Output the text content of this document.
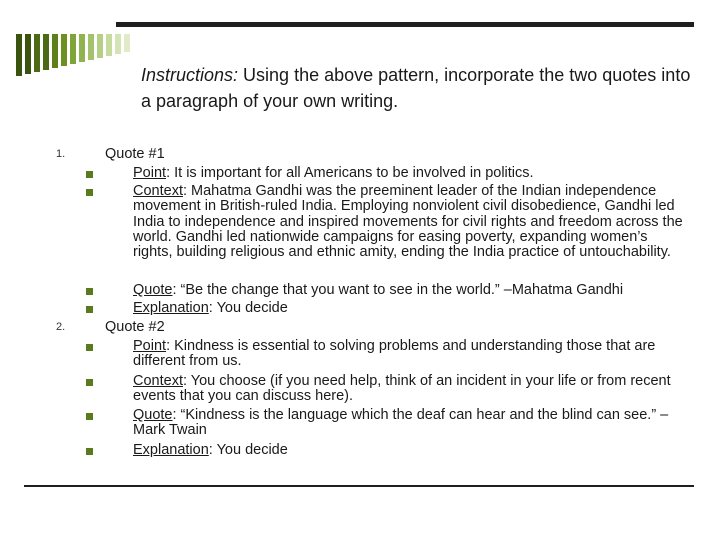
Instructions: Using the above pattern, incorporate the two quotes into a paragraph of your own writing.

1.	Quote #1

Point: It is important for all Americans to be involved in politics.

Context: Mahatma Gandhi was the preeminent leader of the Indian independence movement in British-ruled India. Employing nonviolent civil disobedience, Gandhi led India to independence and inspired movements for civil rights and freedom across the world. Gandhi led nationwide campaigns for easing poverty, expanding women’s rights, building religious and ethnic amity, ending the India practice of untouchability.

Quote: “Be the change that you want to see in the world.” –Mahatma Gandhi

Explanation: You decide

2.	Quote #2

Point: Kindness is essential to solving problems and understanding those that are different from us.

Context: You choose (if you need help, think of an incident in your life or from recent events that you can discuss here).

Quote: “Kindness is the language which the deaf can hear and the blind can see.” –Mark Twain

Explanation: You decide
